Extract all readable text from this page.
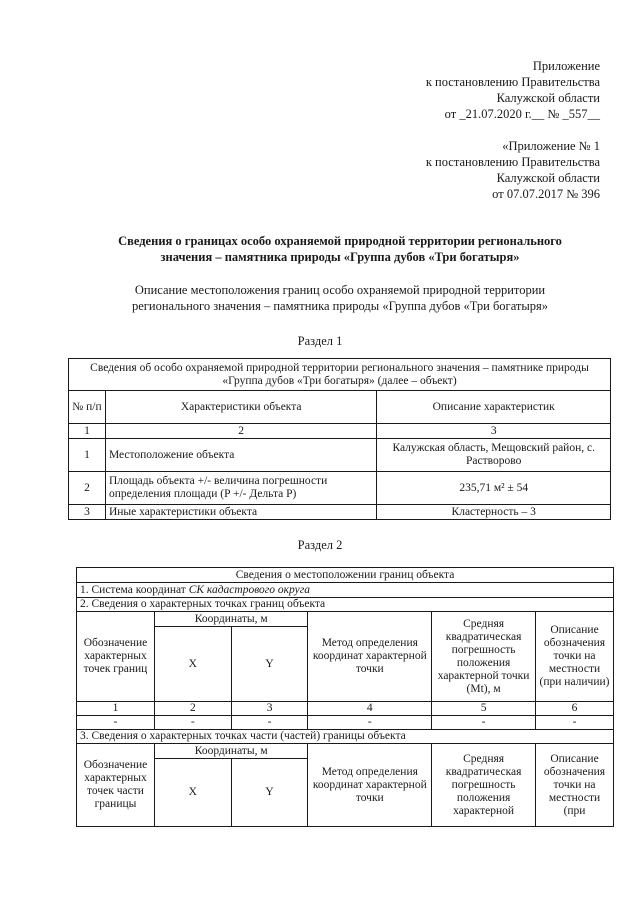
Приложение
к постановлению Правительства
Калужской области
от _21.07.2020 г.__ № _557__
«Приложение № 1
к постановлению Правительства
Калужской области
от 07.07.2017 № 396
Сведения о границах особо охраняемой природной территории регионального
значения – памятника природы «Группа дубов «Три богатыря»
Описание местоположения границ особо охраняемой природной территории
регионального значения – памятника природы «Группа дубов «Три богатыря»
Раздел 1
Сведения об особо охраняемой природной территории регионального значения – памятнике природы «Группа дубов «Три богатыря» (далее – объект)		
№ п/п	Характеристики объекта	Описание характеристик
1	2	3
1	Местоположение объекта	Калужская область, Мещовский район, с. Растворово
2	Площадь объекта +/- величина погрешности определения площади (P +/- Дельта P)	235,71 м² ± 54
3	Иные характеристики объекта	Кластерность – 3
Раздел 2
Сведения о местоположении границ объекта					
1. Система координат СК кадастрового округа					
2. Сведения о характерных точках границ объекта					
Обозначение характерных точек границ	Координаты, м		Метод определения координат характерной точки	Средняя квадратическая погрешность положения характерной точки (Mt), м	Описание обозначения точки на местности (при наличии)
	X	Y			
1	2	3	4	5	6
-	-	-	-	-	-
3. Сведения о характерных точках части (частей) границы объекта					
Обозначение характерных точек части границы	Координаты, м		Метод определения координат характерной точки	Средняя квадратическая погрешность положения характерной	Описание обозначения точки на местности (при
	X	Y			
